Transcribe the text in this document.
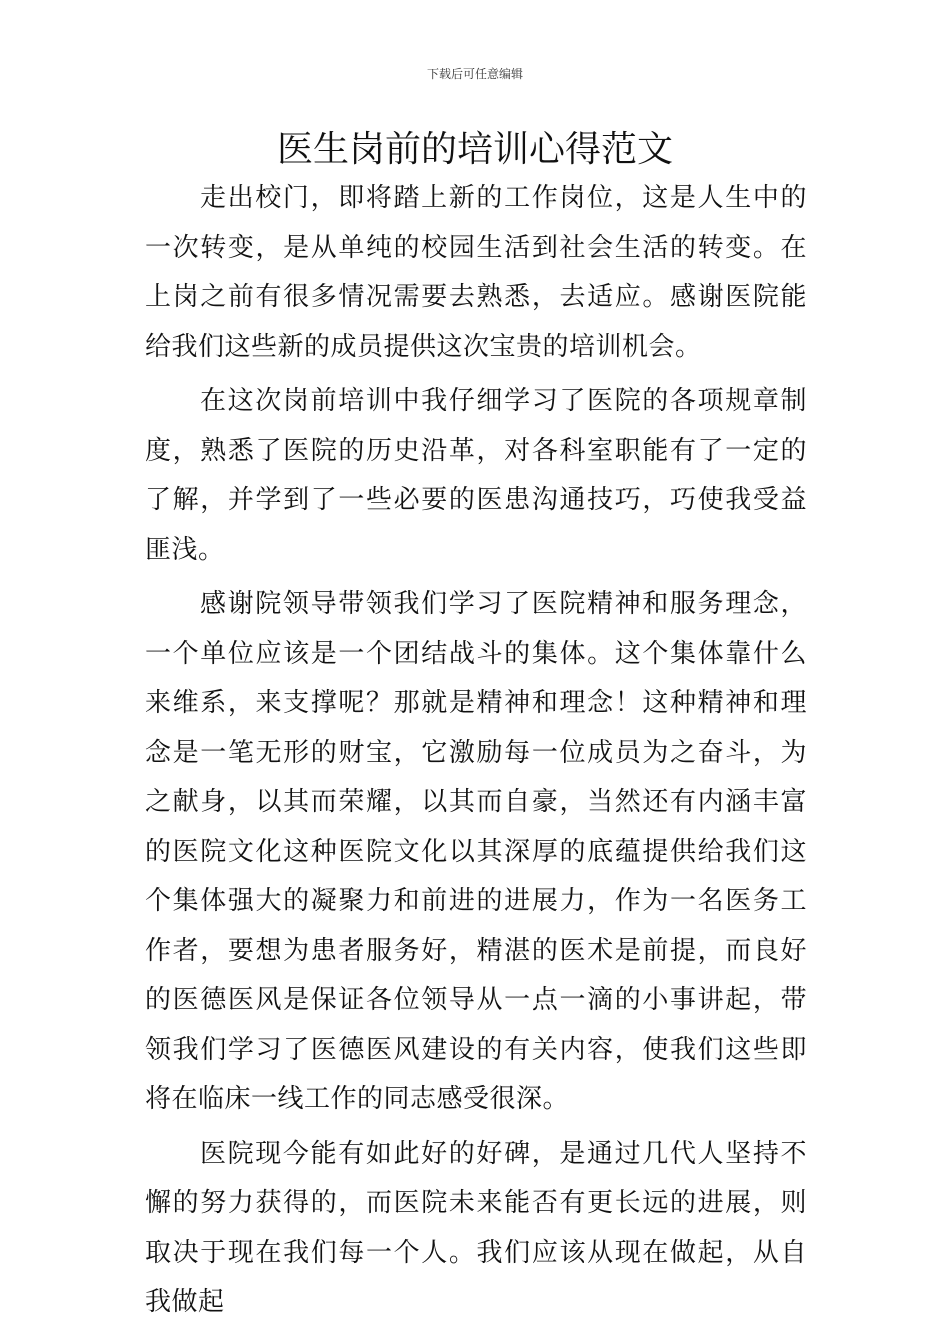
下载后可任意编辑
医生岗前的培训心得范文

走出校门，即将踏上新的工作岗位，这是人生中的一次转变，是从单纯的校园生活到社会生活的转变。在上岗之前有很多情况需要去熟悉，去适应。感谢医院能给我们这些新的成员提供这次宝贵的培训机会。

在这次岗前培训中我仔细学习了医院的各项规章制度，熟悉了医院的历史沿革，对各科室职能有了一定的了解，并学到了一些必要的医患沟通技巧，巧使我受益匪浅。

感谢院领导带领我们学习了医院精神和服务理念，一个单位应该是一个团结战斗的集体。这个集体靠什么来维系，来支撑呢？那就是精神和理念！这种精神和理念是一笔无形的财宝，它激励每一位成员为之奋斗，为之献身，以其而荣耀，以其而自豪，当然还有内涵丰富的医院文化这种医院文化以其深厚的底蕴提供给我们这个集体强大的凝聚力和前进的进展力，作为一名医务工作者，要想为患者服务好，精湛的医术是前提，而良好的医德医风是保证各位领导从一点一滴的小事讲起，带领我们学习了医德医风建设的有关内容，使我们这些即将在临床一线工作的同志感受很深。

医院现今能有如此好的好碑，是通过几代人坚持不懈的努力获得的，而医院未来能否有更长远的进展，则取决于现在我们每一个人。我们应该从现在做起，从自我做起
